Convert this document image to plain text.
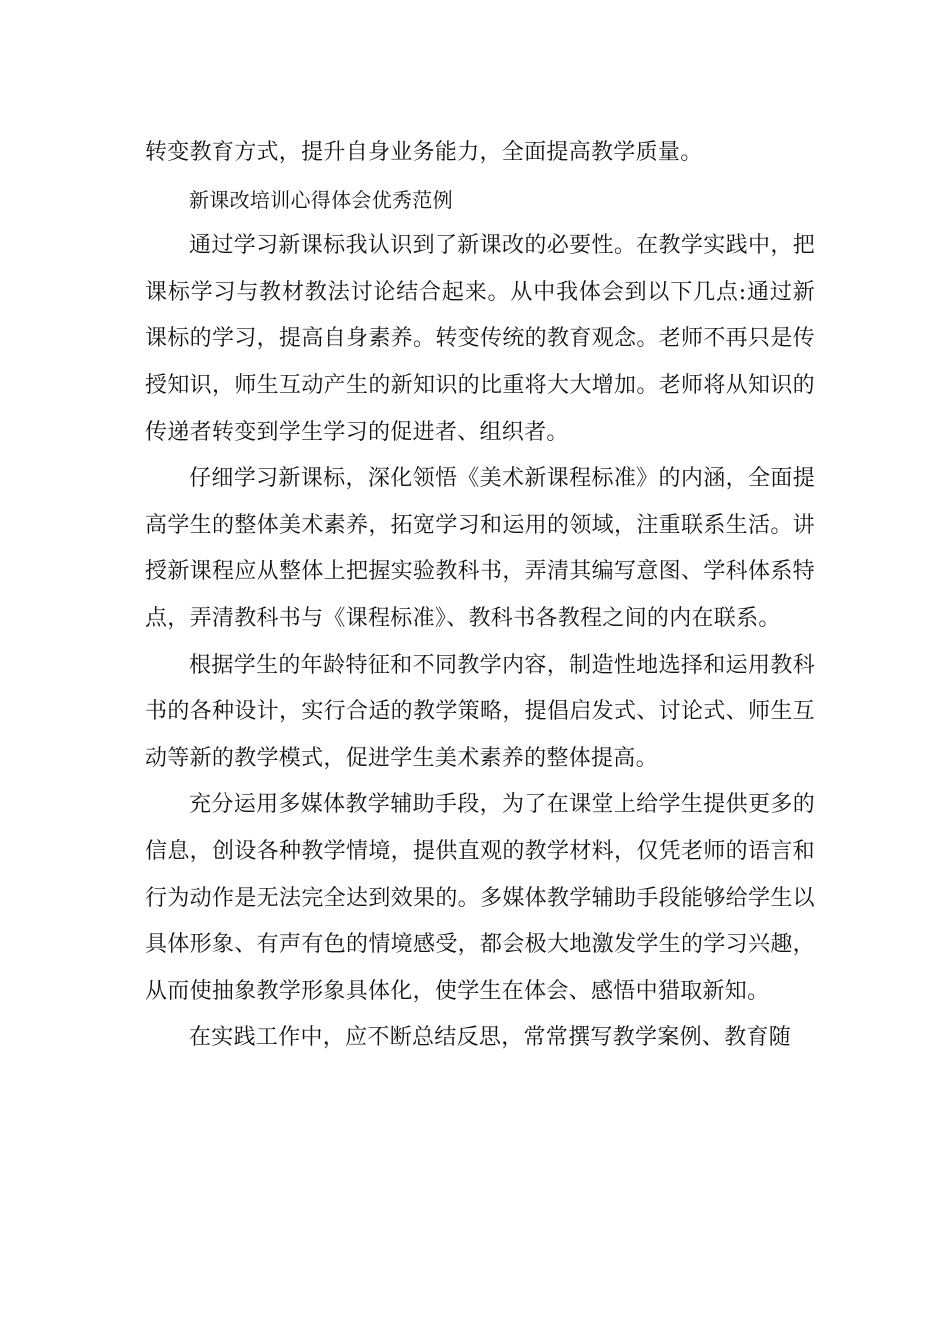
转变教育方式，提升自身业务能力，全面提高教学质量。

新课改培训心得体会优秀范例

通过学习新课标我认识到了新课改的必要性。在教学实践中，把课标学习与教材教法讨论结合起来。从中我体会到以下几点:通过新课标的学习，提高自身素养。转变传统的教育观念。老师不再只是传授知识，师生互动产生的新知识的比重将大大增加。老师将从知识的传递者转变到学生学习的促进者、组织者。

仔细学习新课标，深化领悟《美术新课程标准》的内涵，全面提高学生的整体美术素养，拓宽学习和运用的领域，注重联系生活。讲授新课程应从整体上把握实验教科书，弄清其编写意图、学科体系特点，弄清教科书与《课程标准》、教科书各教程之间的内在联系。

根据学生的年龄特征和不同教学内容，制造性地选择和运用教科书的各种设计，实行合适的教学策略，提倡启发式、讨论式、师生互动等新的教学模式，促进学生美术素养的整体提高。

充分运用多媒体教学辅助手段，为了在课堂上给学生提供更多的信息，创设各种教学情境，提供直观的教学材料，仅凭老师的语言和行为动作是无法完全达到效果的。多媒体教学辅助手段能够给学生以具体形象、有声有色的情境感受，都会极大地激发学生的学习兴趣，从而使抽象教学形象具体化，使学生在体会、感悟中猎取新知。

在实践工作中，应不断总结反思，常常撰写教学案例、教育随
